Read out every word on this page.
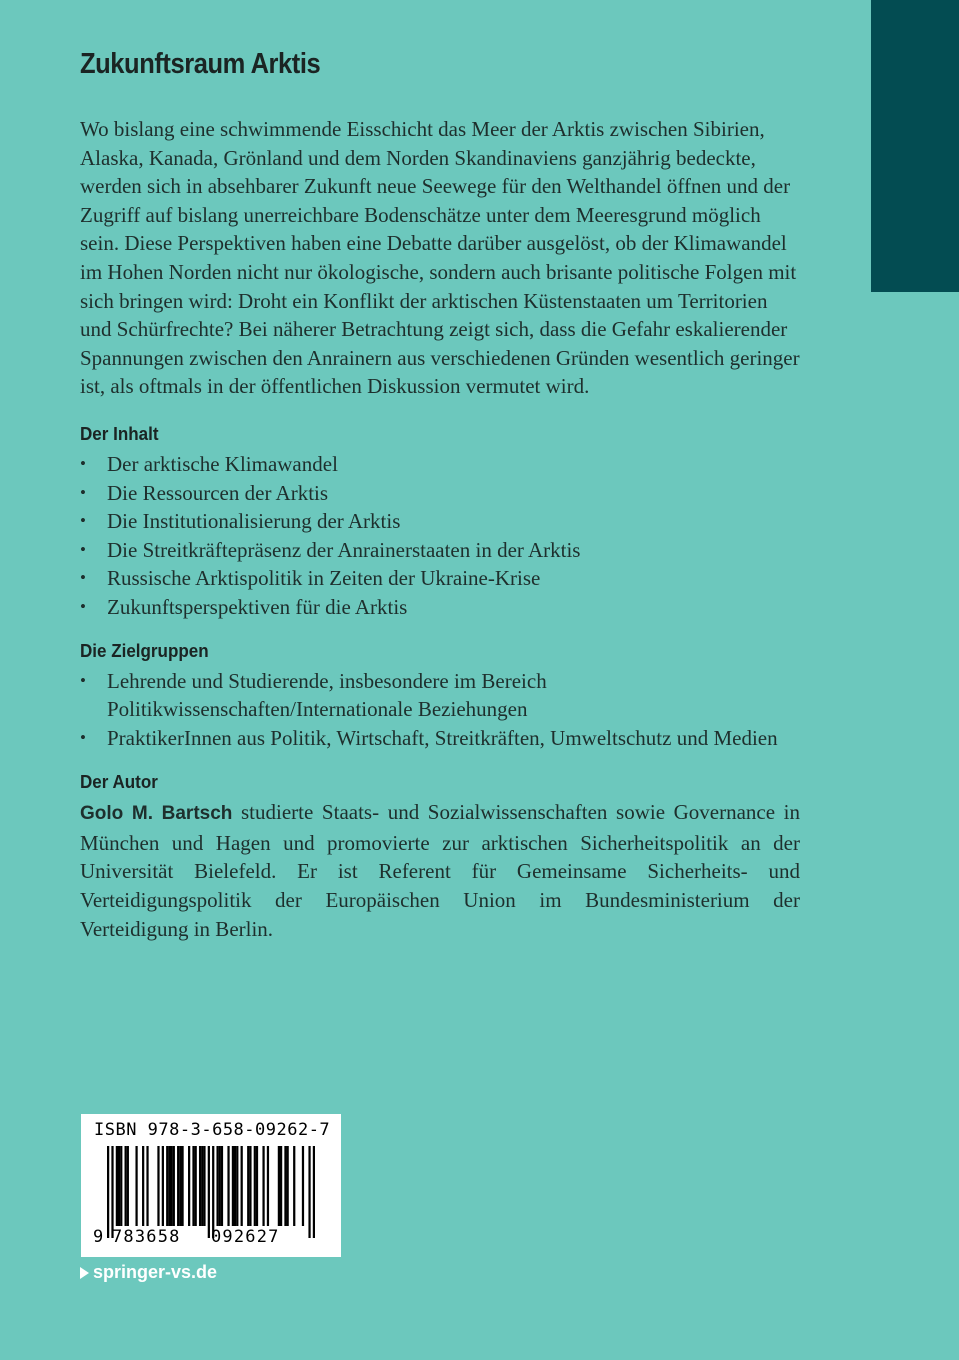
Zukunftsraum Arktis

Wo bislang eine schwimmende Eisschicht das Meer der Arktis zwischen Sibirien, Alaska, Kanada, Grönland und dem Norden Skandinaviens ganzjährig bedeckte, werden sich in absehbarer Zukunft neue Seewege für den Welthandel öffnen und der Zugriff auf bislang unerreichbare Bodenschätze unter dem Meeresgrund möglich sein. Diese Perspektiven haben eine Debatte darüber ausgelöst, ob der Klimawandel im Hohen Norden nicht nur ökologische, sondern auch brisante politische Folgen mit sich bringen wird: Droht ein Konflikt der arktischen Küstenstaaten um Territorien und Schürfrechte? Bei näherer Betrachtung zeigt sich, dass die Gefahr eskalierender Spannungen zwischen den Anrainern aus verschiedenen Gründen wesentlich geringer ist, als oftmals in der öffentlichen Diskussion vermutet wird.

Der Inhalt
• Der arktische Klimawandel
• Die Ressourcen der Arktis
• Die Institutionalisierung der Arktis
• Die Streitkräftepräsenz der Anrainerstaaten in der Arktis
• Russische Arktispolitik in Zeiten der Ukraine-Krise
• Zukunftsperspektiven für die Arktis
Die Zielgruppen
• Lehrende und Studierende, insbesondere im Bereich Politikwissenschaften/Internationale Beziehungen
• PraktikerInnen aus Politik, Wirtschaft, Streitkräften, Umweltschutz und Medien
Der Autor

Golo M. Bartsch studierte Staats- und Sozialwissenschaften sowie Governance in München und Hagen und promovierte zur arktischen Sicherheitspolitik an der Universität Bielefeld. Er ist Referent für Gemeinsame Sicherheits- und Verteidigungspolitik der Europäischen Union im Bundesministerium der Verteidigung in Berlin.

ISBN 978-3-658-09262-7
9 783658 092627
springer-vs.de
